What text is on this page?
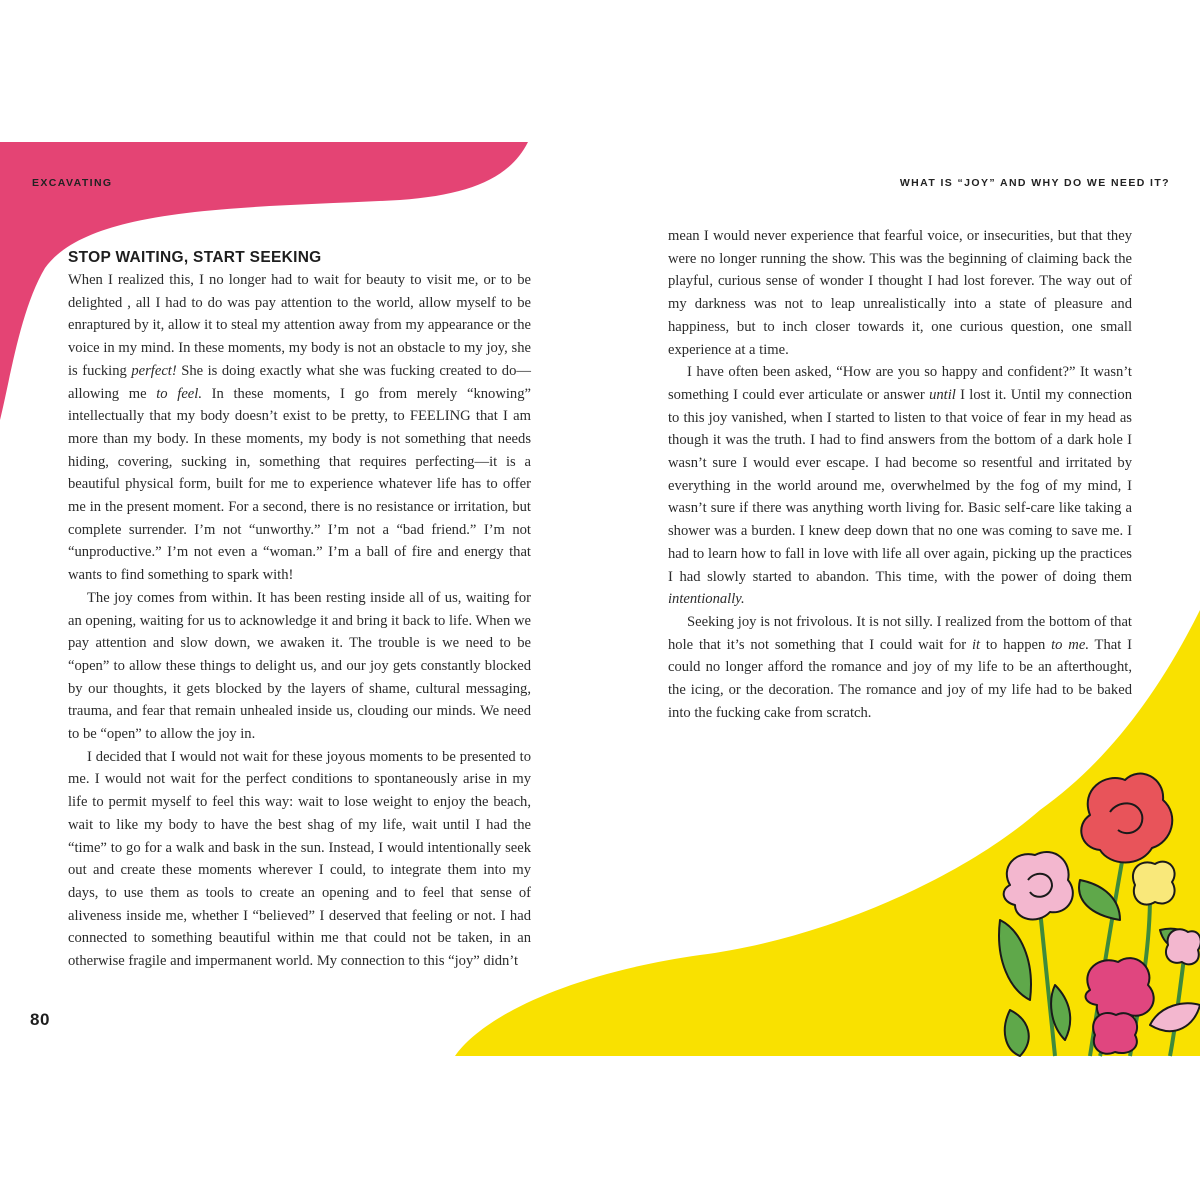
EXCAVATING	WHAT IS “JOY” AND WHY DO WE NEED IT?
STOP WAITING, START SEEKING

When I realized this, I no longer had to wait for beauty to visit me, or to be delighted , all I had to do was pay attention to the world, allow myself to be enraptured by it, allow it to steal my attention away from my appearance or the voice in my mind. In these moments, my body is not an obstacle to my joy, she is fucking perfect! She is doing exactly what she was fucking created to do—allowing me to feel. In these moments, I go from merely “knowing” intellectually that my body doesn’t exist to be pretty, to FEELING that I am more than my body. In these moments, my body is not something that needs hiding, covering, sucking in, something that requires perfecting—it is a beautiful physical form, built for me to experience whatever life has to offer me in the present moment. For a second, there is no resistance or irritation, but complete surrender. I’m not “unworthy.” I’m not a “bad friend.” I’m not “unproductive.” I’m not even a “woman.” I’m a ball of fire and energy that wants to find something to spark with!

The joy comes from within. It has been resting inside all of us, waiting for an opening, waiting for us to acknowledge it and bring it back to life. When we pay attention and slow down, we awaken it. The trouble is we need to be “open” to allow these things to delight us, and our joy gets constantly blocked by our thoughts, it gets blocked by the layers of shame, cultural messaging, trauma, and fear that remain unhealed inside us, clouding our minds. We need to be “open” to allow the joy in.

I decided that I would not wait for these joyous moments to be presented to me. I would not wait for the perfect conditions to spontaneously arise in my life to permit myself to feel this way: wait to lose weight to enjoy the beach, wait to like my body to have the best shag of my life, wait until I had the “time” to go for a walk and bask in the sun. Instead, I would intentionally seek out and create these moments wherever I could, to integrate them into my days, to use them as tools to create an opening and to feel that sense of aliveness inside me, whether I “believed” I deserved that feeling or not. I had connected to something beautiful within me that could not be taken, in an otherwise fragile and impermanent world. My connection to this “joy” didn’t

mean I would never experience that fearful voice, or insecurities, but that they were no longer running the show. This was the beginning of claiming back the playful, curious sense of wonder I thought I had lost forever. The way out of my darkness was not to leap unrealistically into a state of pleasure and happiness, but to inch closer towards it, one curious question, one small experience at a time.

I have often been asked, “How are you so happy and confident?” It wasn’t something I could ever articulate or answer until I lost it. Until my connection to this joy vanished, when I started to listen to that voice of fear in my head as though it was the truth. I had to find answers from the bottom of a dark hole I wasn’t sure I would ever escape. I had become so resentful and irritated by everything in the world around me, overwhelmed by the fog of my mind, I wasn’t sure if there was anything worth living for. Basic self-care like taking a shower was a burden. I knew deep down that no one was coming to save me. I had to learn how to fall in love with life all over again, picking up the practices I had slowly started to abandon. This time, with the power of doing them intentionally.

Seeking joy is not frivolous. It is not silly. I realized from the bottom of that hole that it’s not something that I could wait for it to happen to me. That I could no longer afford the romance and joy of my life to be an afterthought, the icing, or the decoration. The romance and joy of my life had to be baked into the fucking cake from scratch.

80
